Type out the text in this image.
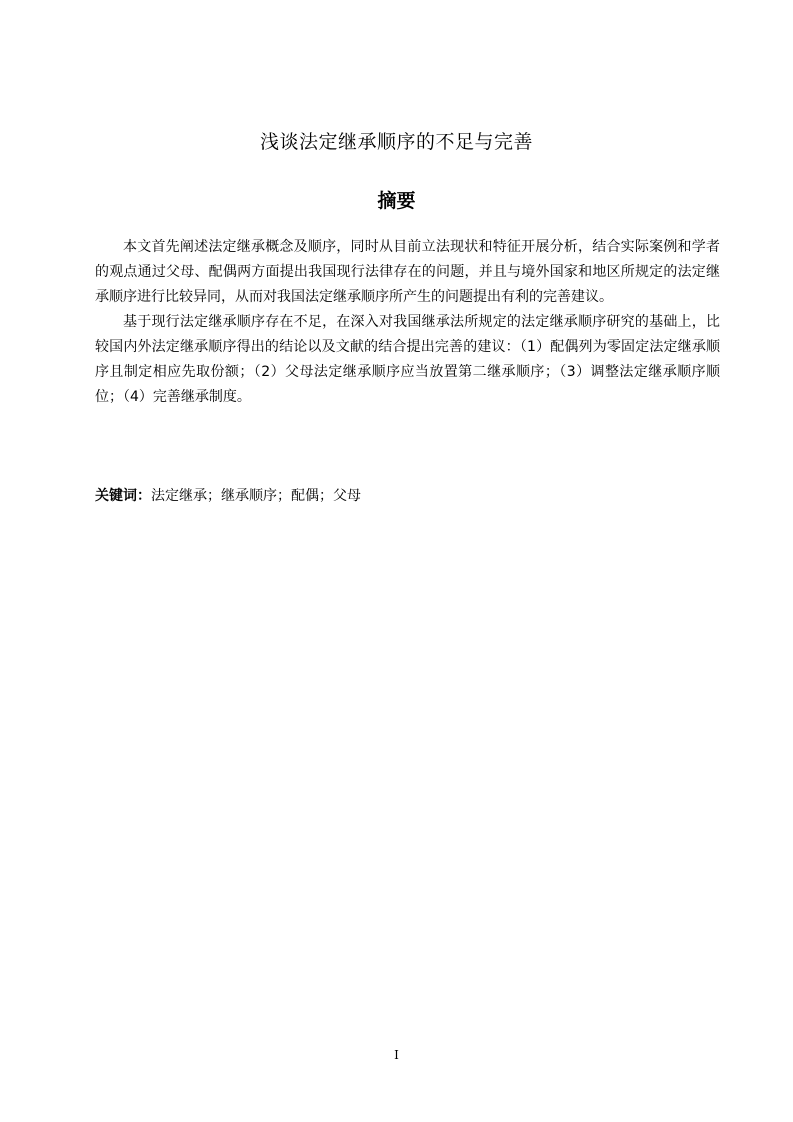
浅谈法定继承顺序的不足与完善
摘要

本文首先阐述法定继承概念及顺序，同时从目前立法现状和特征开展分析，结合实际案例和学者的观点通过父母、配偶两方面提出我国现行法律存在的问题，并且与境外国家和地区所规定的法定继承顺序进行比较异同，从而对我国法定继承顺序所产生的问题提出有利的完善建议。

基于现行法定继承顺序存在不足，在深入对我国继承法所规定的法定继承顺序研究的基础上，比较国内外法定继承顺序得出的结论以及文献的结合提出完善的建议：（1）配偶列为零固定法定继承顺序且制定相应先取份额；（2）父母法定继承顺序应当放置第二继承顺序；（3）调整法定继承顺序顺位；（4）完善继承制度。

关键词：法定继承；继承顺序；配偶；父母
I
